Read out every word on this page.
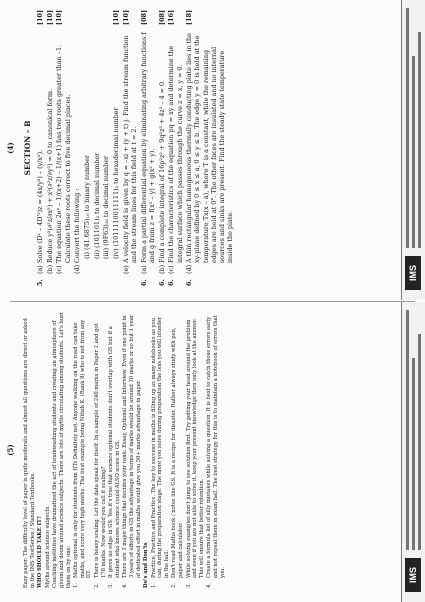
(5) Easy paper. The difficulty level of paper is quite moderate and almost all questions are direct or asked in the IMS TestSeries / Standard Textbooks. WHO SHOULD TAKE IT? Myths around science subjects. Coaching institutes have dramatized the act of brainwashing students and creating an atmosphere of gloom and doom around science subjects. There are lots of myths circulating among students. Let's bust them on by one: 1.
Maths optional is only for students from IITs Definitely not. Anyone walking on the road can take maths, and score very high marks. The best example being Nitish K. (Rank 8) who is not from any IIT.
2.
There is heavy scaling. Let the data speak for itself. In a sample of 240 marks in Paper 2 and got 178 marks. Now would you call it scaling?
3.
It gives no edge in GS. Yes it's true that science optional students don't overlap with GS but if a student who knows science could ALSO score in GS.
4.
There are 3 major things that decides your rank: Essay, Optional and Interview. Even if one point in 3 years of efforts in GS the advantage in terms of marks would be around 30 marks or so but 1 year of dedicated effort in maths would give you 50+ marks advantage in paper. Do's and Don'ts 1.
Practice, Practice and Practice. The key to success in maths is filling up as many notebooks as you can, during the preparation stage. The more you solve during preparation the less you will blunder in the hall.
2.
Don't read Maths book / notes like GS. It is a recipe for disaster. Rather always study with pen, paper and calculator.
3.
While solving examples don't jump to see solution first. Try getting your head around the problem and even if you are not able to solve it, keep your present knowledge then only look at the answer. This will ensure that better retention.
4.
Create a formula list of silly mistakes while solving a question. It is best to catch those errors early and not repeat them in exam hall. The best strategy for this is to maintain a notebook of errors that you.	IMS
(4) SECTION – B
5.
(a)
Solve (D² – 4D'²)z = (4x/y²) – (y/x²).
[10]
(b)
Reduce y²(∂²z/∂x²) + x²(∂²z/∂y²) = 0 to canonical form.
[10]
(c)
The equation 2eˣ – 1/(x+2) – 1/(x+1) has two roots greater than –1. Calculate these roots correct to five decimal places.
[10]
(d)
Convert the following : (i) (41.6875)₁₀ to binary number (ii) (101101)₂ to decimal number (iii) (9F63)₁₆ to decimal number (iv) (1011110011111)₂ to hexadecimal number
[10]
(e)
A velocity field is given by q = –xi + (y + t) j. Find the stream function and the stream lines for this field at t = 2.
[10]
6.
(a)
Form a partial differential equation by eliminating arbitrary functions f and g from z = f(x² – y) + g(x² + y).
[08]
6.
(b)
Find a complete integral of 16p²z² + 9q²z² + 4z² – 4 = 0.
[08]
6.
(c)
Find the characteristics of the equation pq = xy and determine the integral surface which passes through the curve z = x, y = 0.
[16]
6.
(d)
A thin rectangular homogeneous thermally conducting plate lies in the xy-plane defined by 0 ≤ x ≤ a, 0 ≤ y ≤ b. The edge y = 0 is held at the temperature Tx(x – a), where T is a constant, while the remaining edges are held at 0°. The other faces are insulated and no internal sources and sinks are present. Find the steady state temperature inside the plate.
[18]
IMS
